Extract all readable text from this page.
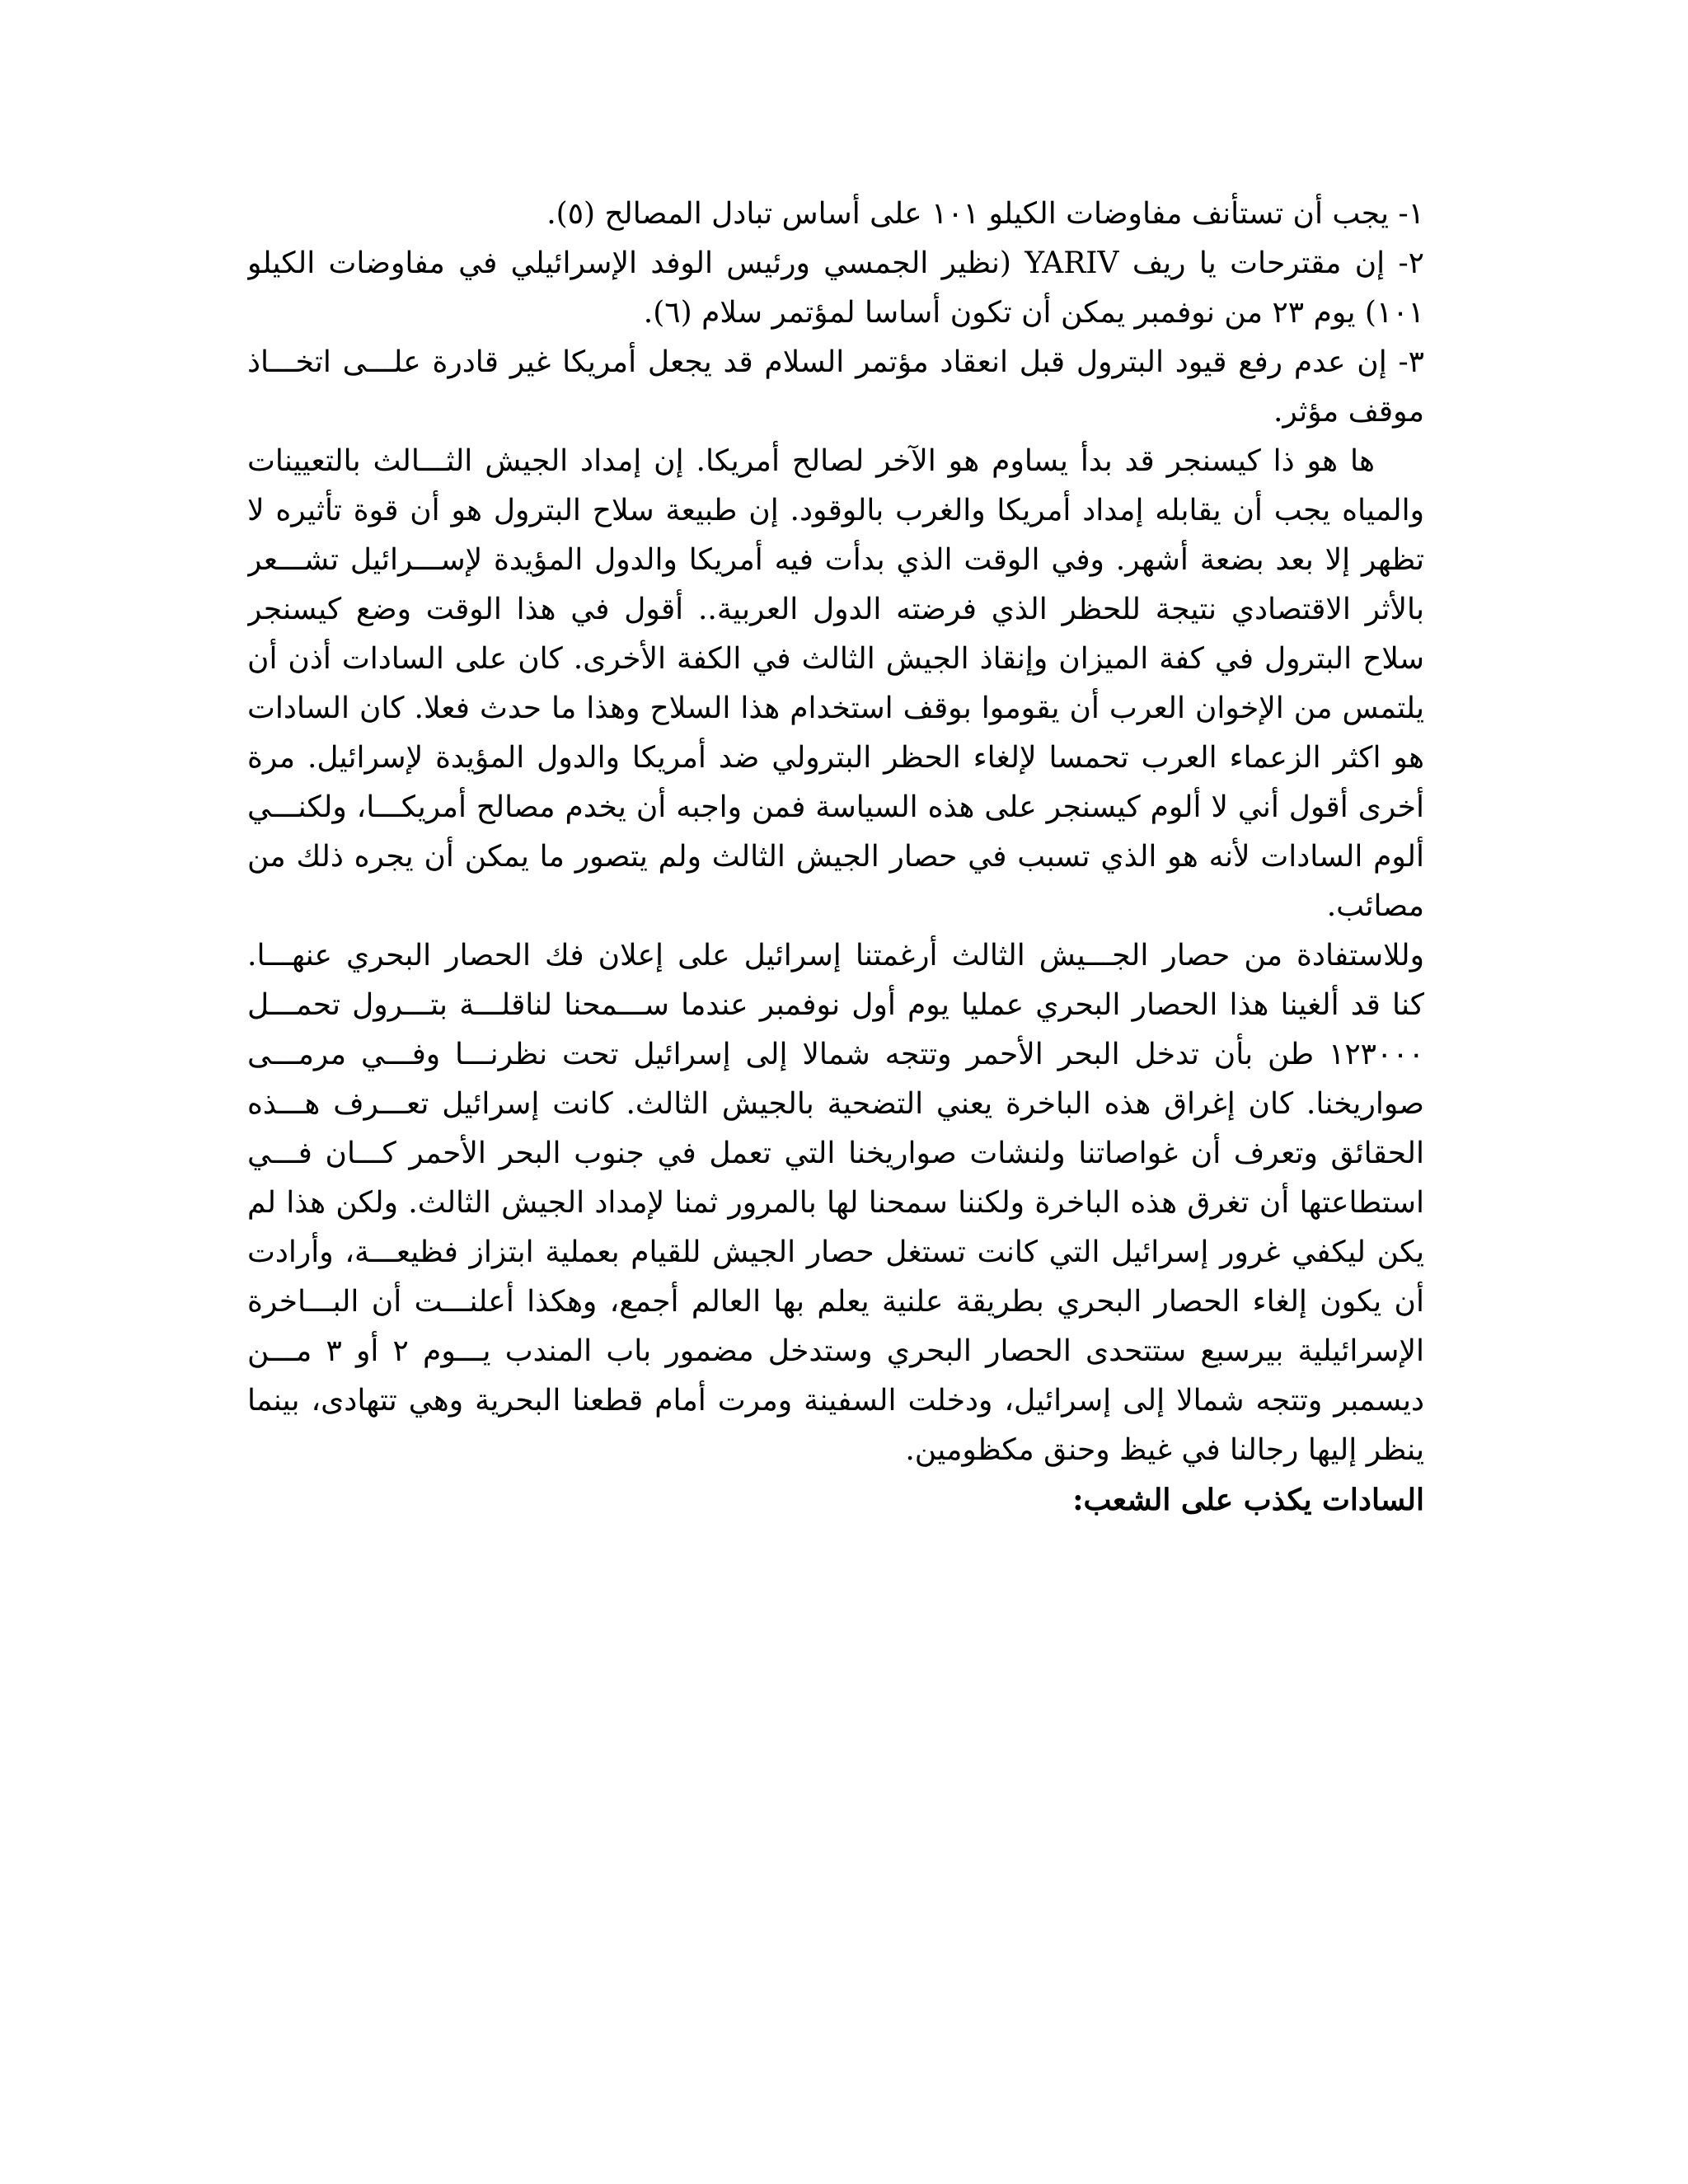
١- يجب أن تستأنف مفاوضات الكيلو ١٠١ على أساس تبادل المصالح (٥).
٢- إن مقترحات يا ريف YARIV (نظير الجمسي ورئيس الوفد الإسرائيلي في مفاوضات الكيلو
١٠١) يوم ٢٣ من نوفمبر يمكن أن تكون أساسا لمؤتمر سلام (٦).
٣- إن عدم رفع قيود البترول قبل انعقاد مؤتمر السلام قد يجعل أمريكا غير قادرة علـــى اتخـــاذ
موقف مؤثر.
ها هو ذا كيسنجر قد بدأ يساوم هو الآخر لصالح أمريكا. إن إمداد الجيش الثـــالث بالتعيينات
والمياه يجب أن يقابله إمداد أمريكا والغرب بالوقود. إن طبيعة سلاح البترول هو أن قوة تأثيره لا
تظهر إلا بعد بضعة أشهر. وفي الوقت الذي بدأت فيه أمريكا والدول المؤيدة لإســـرائيل تشـــعر
بالأثر الاقتصادي نتيجة للحظر الذي فرضته الدول العربية.. أقول في هذا الوقت وضع كيسنجر
سلاح البترول في كفة الميزان وإنقاذ الجيش الثالث في الكفة الأخرى. كان على السادات أذن أن
يلتمس من الإخوان العرب أن يقوموا بوقف استخدام هذا السلاح وهذا ما حدث فعلا. كان السادات
هو اكثر الزعماء العرب تحمسا لإلغاء الحظر البترولي ضد أمريكا والدول المؤيدة لإسرائيل. مرة
أخرى أقول أني لا ألوم كيسنجر على هذه السياسة فمن واجبه أن يخدم مصالح أمريكـــا، ولكنـــي
ألوم السادات لأنه هو الذي تسبب في حصار الجيش الثالث ولم يتصور ما يمكن أن يجره ذلك من
مصائب.
وللاستفادة من حصار الجـــيش الثالث أرغمتنا إسرائيل على إعلان فك الحصار البحري عنهـــا.
كنا قد ألغينا هذا الحصار البحري عمليا يوم أول نوفمبر عندما ســـمحنا لناقلـــة بتـــرول تحمـــل
١٢٣٠٠٠ طن بأن تدخل البحر الأحمر وتتجه شمالا إلى إسرائيل تحت نظرنـــا وفـــي مرمـــى
صواريخنا. كان إغراق هذه الباخرة يعني التضحية بالجيش الثالث. كانت إسرائيل تعـــرف هـــذه
الحقائق وتعرف أن غواصاتنا ولنشات صواريخنا التي تعمل في جنوب البحر الأحمر كـــان فـــي
استطاعتها أن تغرق هذه الباخرة ولكننا سمحنا لها بالمرور ثمنا لإمداد الجيش الثالث. ولكن هذا لم
يكن ليكفي غرور إسرائيل التي كانت تستغل حصار الجيش للقيام بعملية ابتزاز فظيعـــة، وأرادت
أن يكون إلغاء الحصار البحري بطريقة علنية يعلم بها العالم أجمع، وهكذا أعلنـــت أن البـــاخرة
الإسرائيلية بيرسبع ستتحدى الحصار البحري وستدخل مضمور باب المندب يـــوم ٢ أو ٣ مـــن
ديسمبر وتتجه شمالا إلى إسرائيل، ودخلت السفينة ومرت أمام قطعنا البحرية وهي تتهادى، بينما
ينظر إليها رجالنا في غيظ وحنق مكظومين.
السادات يكذب على الشعب:
